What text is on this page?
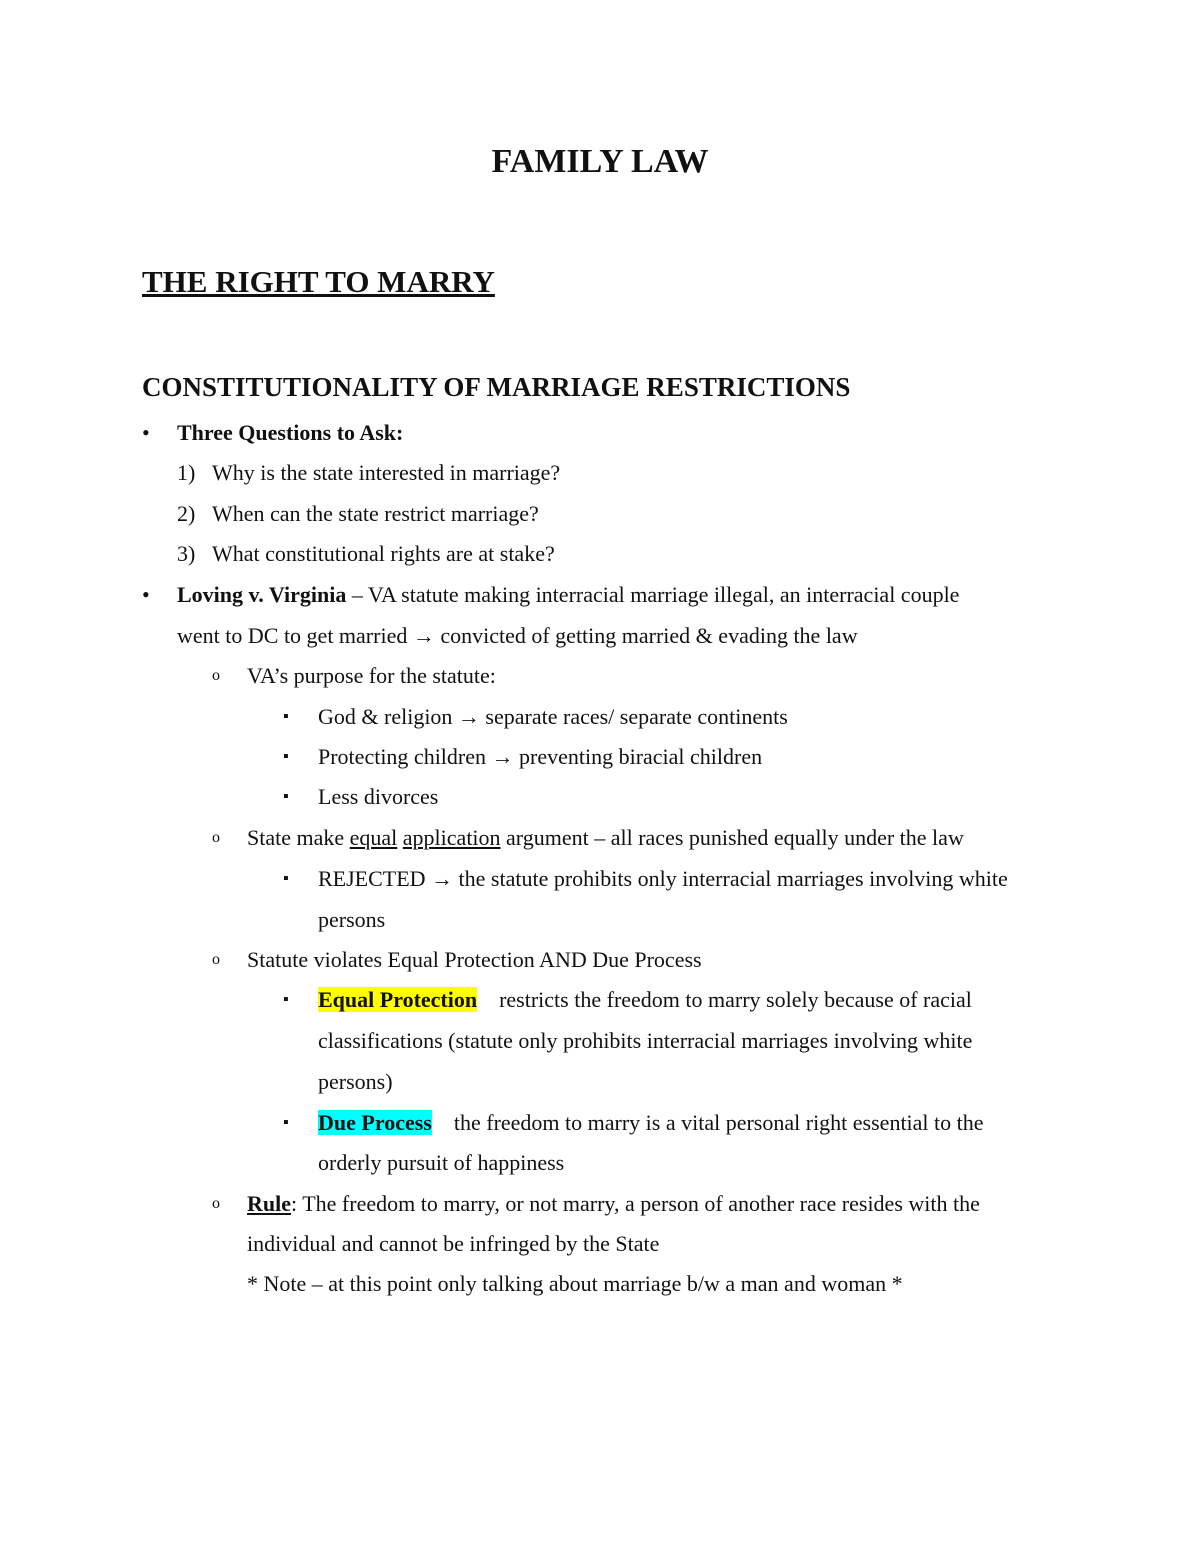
FAMILY LAW
THE RIGHT TO MARRY
CONSTITUTIONALITY OF MARRIAGE RESTRICTIONS
• Three Questions to Ask:
1) Why is the state interested in marriage?
2) When can the state restrict marriage?
3) What constitutional rights are at stake?
• Loving v. Virginia – VA statute making interracial marriage illegal, an interracial couple
went to DC to get married → convicted of getting married & evading the law
o VA’s purpose for the statute:
▪ God & religion → separate races/ separate continents
▪ Protecting children → preventing biracial children
▪ Less divorces
o State make equal application argument – all races punished equally under the law
▪ REJECTED → the statute prohibits only interracial marriages involving white
persons
o Statute violates Equal Protection AND Due Process
▪ Equal Protection restricts the freedom to marry solely because of racial
classifications (statute only prohibits interracial marriages involving white
persons)
▪ Due Process the freedom to marry is a vital personal right essential to the
orderly pursuit of happiness
o Rule: The freedom to marry, or not marry, a person of another race resides with the
individual and cannot be infringed by the State
* Note – at this point only talking about marriage b/w a man and woman *
